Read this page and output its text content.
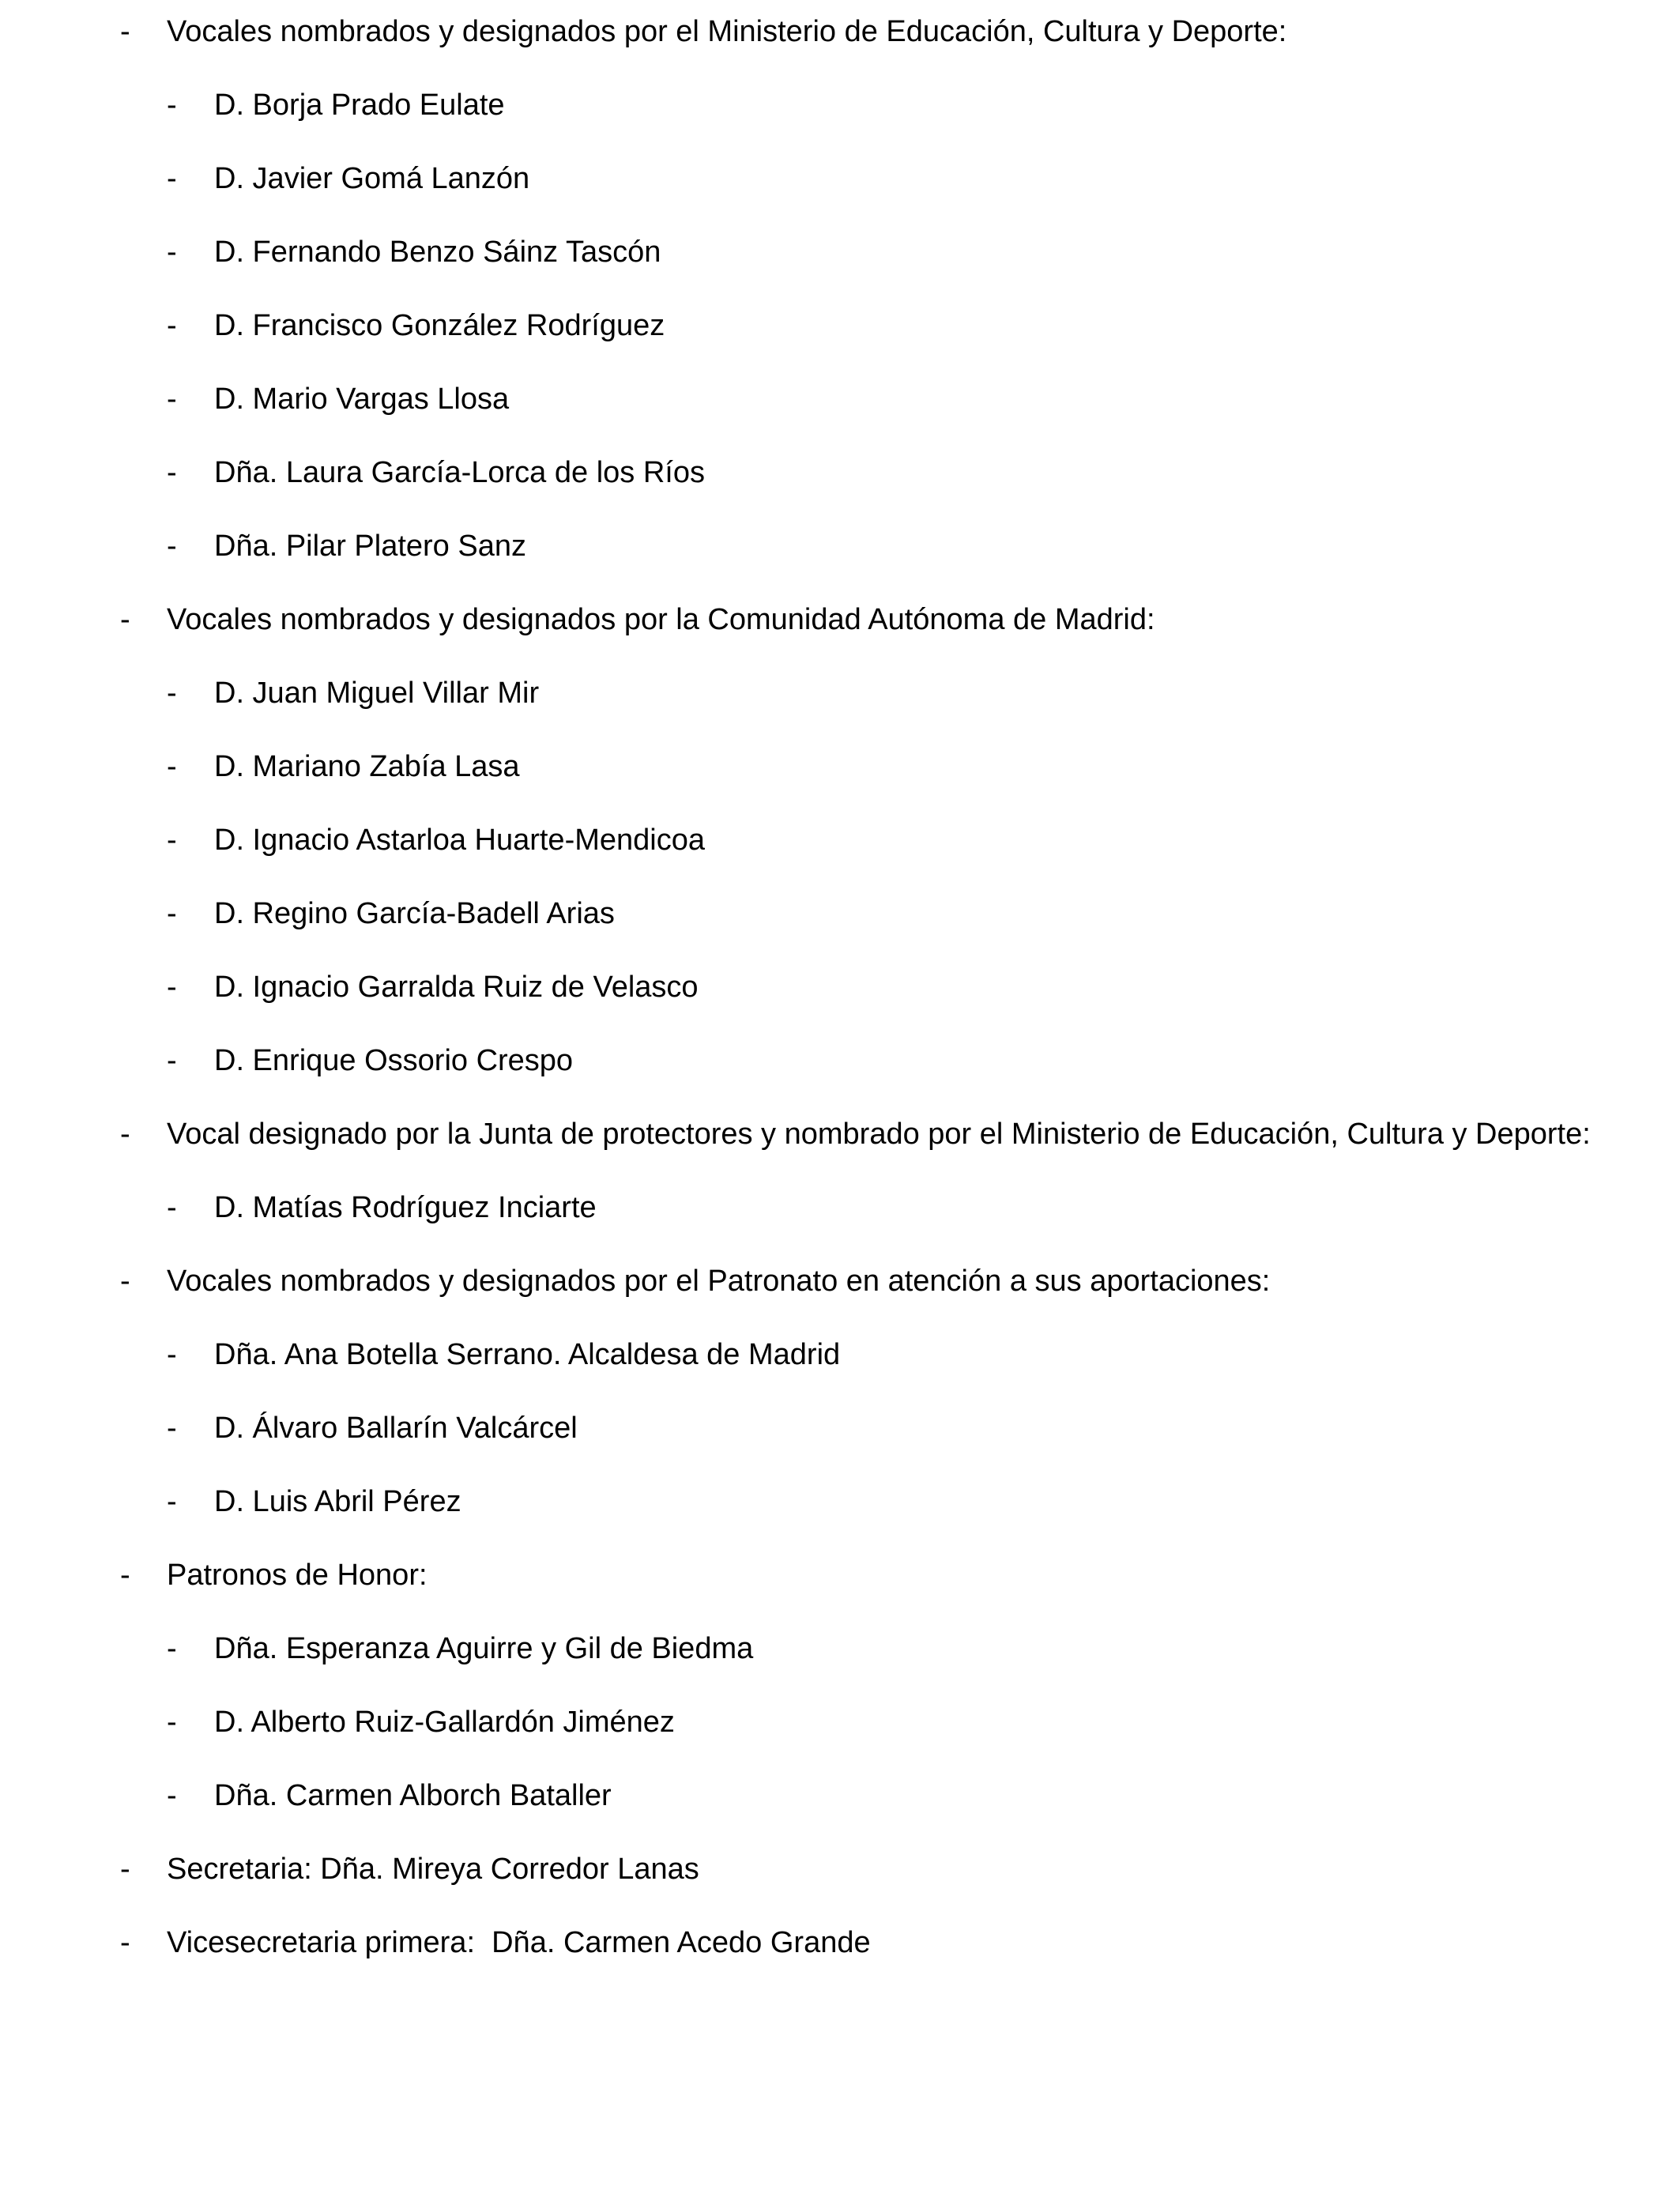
- Vocales nombrados y designados por el Ministerio de Educación, Cultura y Deporte:
- D. Borja Prado Eulate
- D. Javier Gomá Lanzón
- D. Fernando Benzo Sáinz Tascón
- D. Francisco González Rodríguez
- D. Mario Vargas Llosa
- Dña. Laura García-Lorca de los Ríos
- Dña. Pilar Platero Sanz
- Vocales nombrados y designados por la Comunidad Autónoma de Madrid:
- D. Juan Miguel Villar Mir
- D. Mariano Zabía Lasa
- D. Ignacio Astarloa Huarte-Mendicoa
- D. Regino García-Badell Arias
- D. Ignacio Garralda Ruiz de Velasco
- D. Enrique Ossorio Crespo
- Vocal designado por la Junta de protectores y nombrado por el Ministerio de Educación, Cultura y Deporte:
- D. Matías Rodríguez Inciarte
- Vocales nombrados y designados por el Patronato en atención a sus aportaciones:
- Dña. Ana Botella Serrano. Alcaldesa de Madrid
- D. Álvaro Ballarín Valcárcel
- D. Luis Abril Pérez
- Patronos de Honor:
- Dña. Esperanza Aguirre y Gil de Biedma
- D. Alberto Ruiz-Gallardón Jiménez
- Dña. Carmen Alborch Bataller
- Secretaria: Dña. Mireya Corredor Lanas
- Vicesecretaria primera:  Dña. Carmen Acedo Grande
